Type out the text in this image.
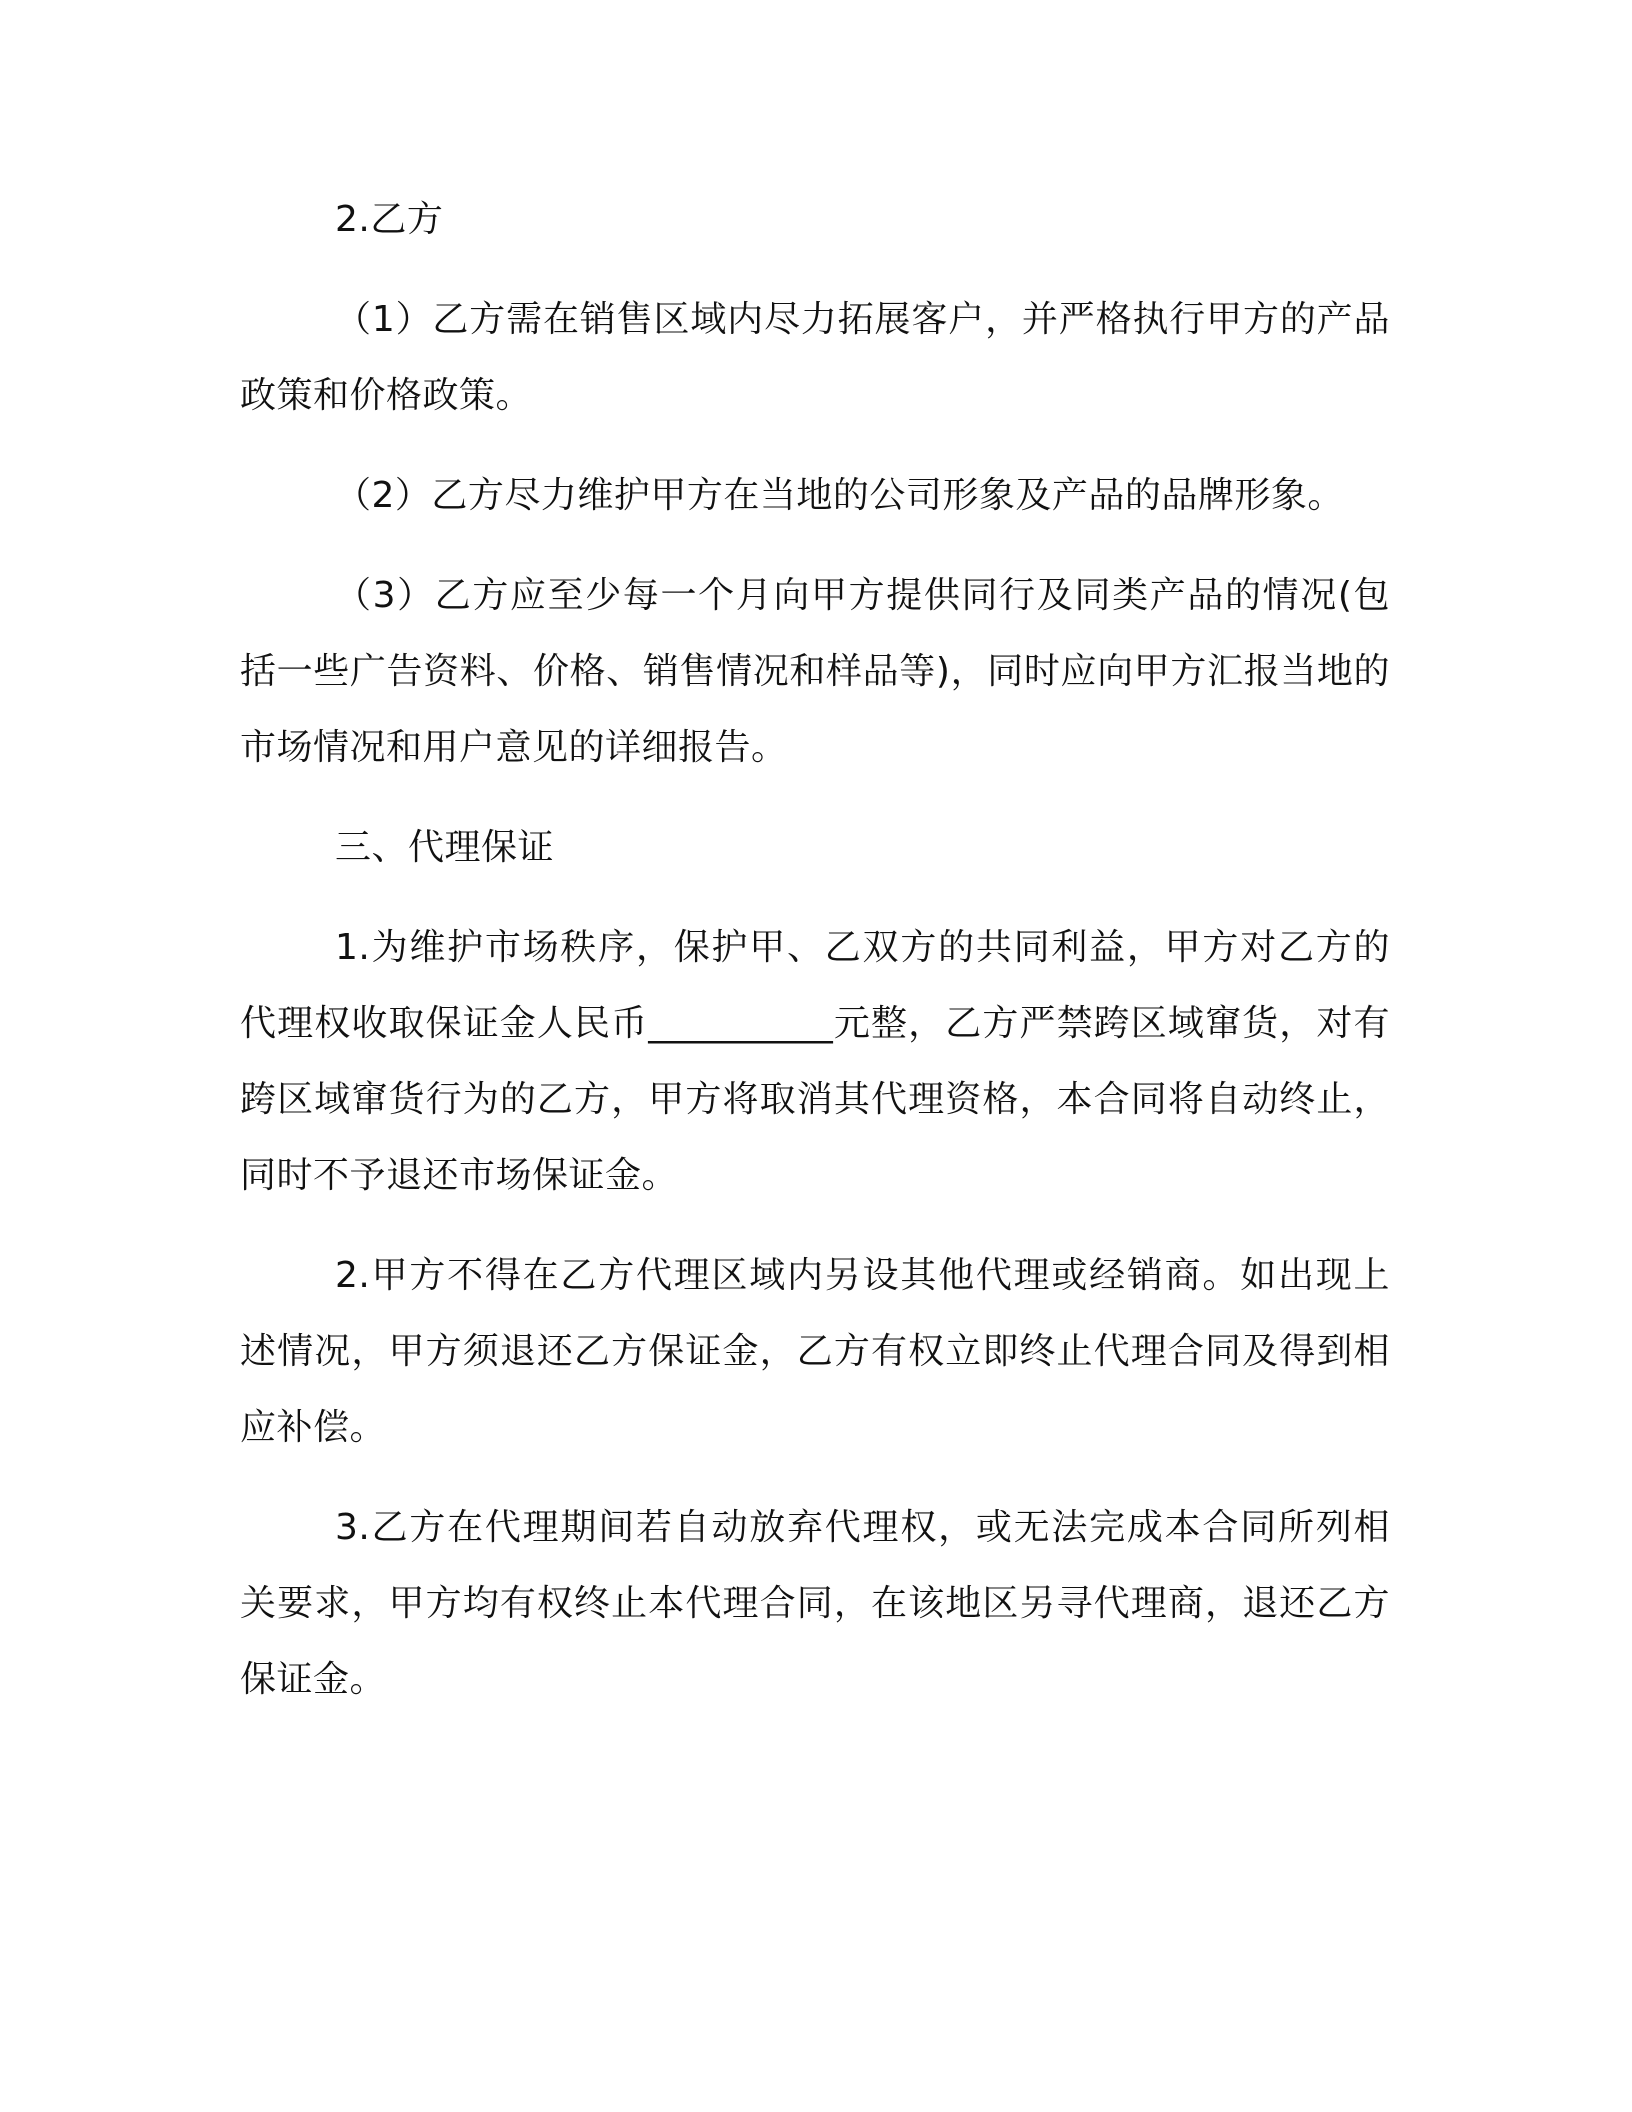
2.乙方

（1）乙方需在销售区域内尽力拓展客户，并严格执行甲方的产品政策和价格政策。

（2）乙方尽力维护甲方在当地的公司形象及产品的品牌形象。

（3）乙方应至少每一个月向甲方提供同行及同类产品的情况(包括一些广告资料、价格、销售情况和样品等)，同时应向甲方汇报当地的市场情况和用户意见的详细报告。

三、代理保证

1.为维护市场秩序，保护甲、乙双方的共同利益，甲方对乙方的代理权收取保证金人民币__________元整，乙方严禁跨区域窜货，对有跨区域窜货行为的乙方，甲方将取消其代理资格，本合同将自动终止，同时不予退还市场保证金。

2.甲方不得在乙方代理区域内另设其他代理或经销商。如出现上述情况，甲方须退还乙方保证金，乙方有权立即终止代理合同及得到相应补偿。

3.乙方在代理期间若自动放弃代理权，或无法完成本合同所列相关要求，甲方均有权终止本代理合同，在该地区另寻代理商，退还乙方保证金。
